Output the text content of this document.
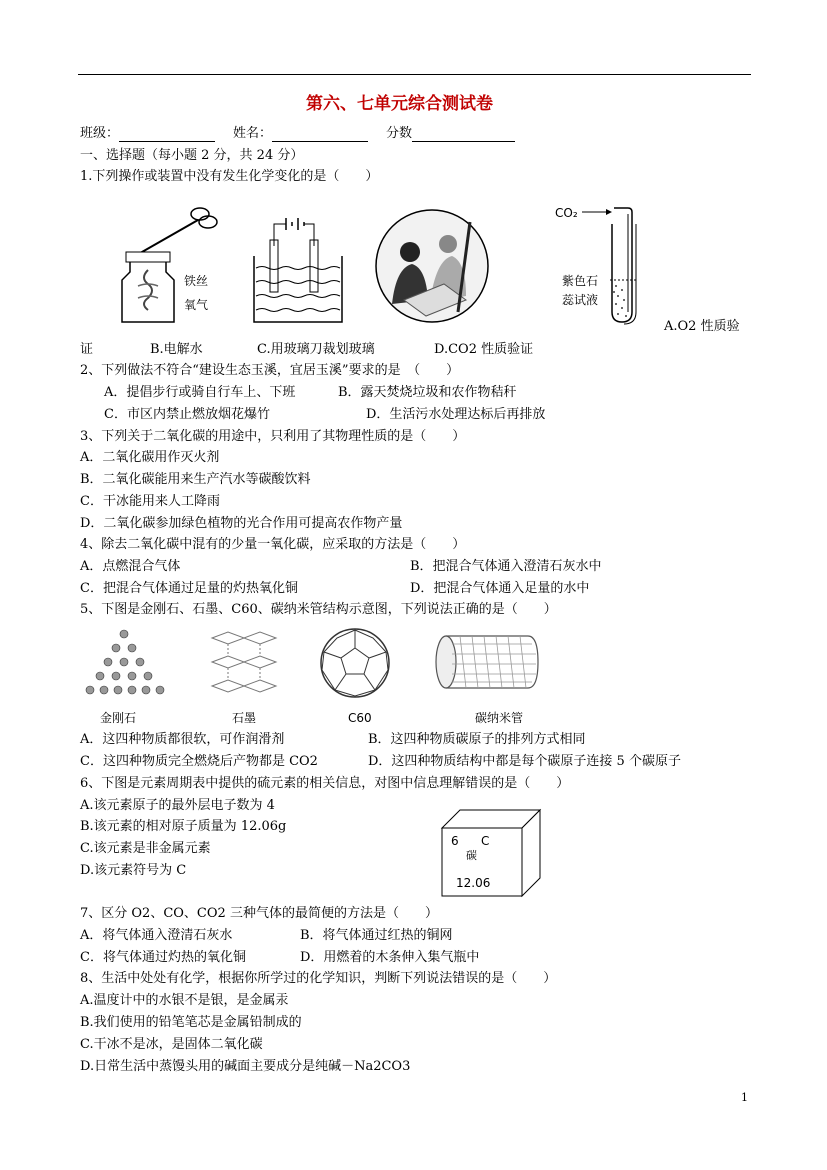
第六、七单元综合测试卷
班级：	姓名：	分数
一、选择题（每小题 2 分，共 24 分）
1.下列操作或装置中没有发生化学变化的是（　　）
铁丝
氧气
CO₂
紫色石
蕊试液
A.O2 性质验
证	B.电解水	C.用玻璃刀裁划玻璃	D.CO2 性质验证
2、下列做法不符合“建设生态玉溪，宜居玉溪”要求的是　（　　）
A．提倡步行或骑自行车上、下班	B．露天焚烧垃圾和农作物秸秆
C．市区内禁止燃放烟花爆竹	D．生活污水处理达标后再排放
3、下列关于二氧化碳的用途中，只利用了其物理性质的是（　　）
A．二氧化碳用作灭火剂
B．二氧化碳能用来生产汽水等碳酸饮料
C．干冰能用来人工降雨
D．二氧化碳参加绿色植物的光合作用可提高农作物产量
4、除去二氧化碳中混有的少量一氧化碳，应采取的方法是（　　）
A．点燃混合气体	B．把混合气体通入澄清石灰水中
C．把混合气体通过足量的灼热氧化铜	D．把混合气体通入足量的水中
5、下图是金刚石、石墨、C60、碳纳米管结构示意图，下列说法正确的是（　　）
金刚石	石墨	C60	碳纳米管
A．这四种物质都很软，可作润滑剂	B．这四种物质碳原子的排列方式相同
C．这四种物质完全燃烧后产物都是 CO2	D．这四种物质结构中都是每个碳原子连接 5 个碳原子
6、下图是元素周期表中提供的硫元素的相关信息，对图中信息理解错误的是（　　）
A.该元素原子的最外层电子数为 4
B.该元素的相对原子质量为 12.06g
C.该元素是非金属元素
D.该元素符号为 C
6 C
碳
12.06
7、区分 O2、CO、CO2 三种气体的最简便的方法是（　　）
A．将气体通入澄清石灰水	B．将气体通过红热的铜网
C．将气体通过灼热的氧化铜	D．用燃着的木条伸入集气瓶中
8、生活中处处有化学，根据你所学过的化学知识，判断下列说法错误的是（　　）
A.温度计中的水银不是银，是金属汞
B.我们使用的铅笔笔芯是金属铅制成的
C.干冰不是冰，是固体二氧化碳
D.日常生活中蒸馒头用的碱面主要成分是纯碱－Na2CO3
1
